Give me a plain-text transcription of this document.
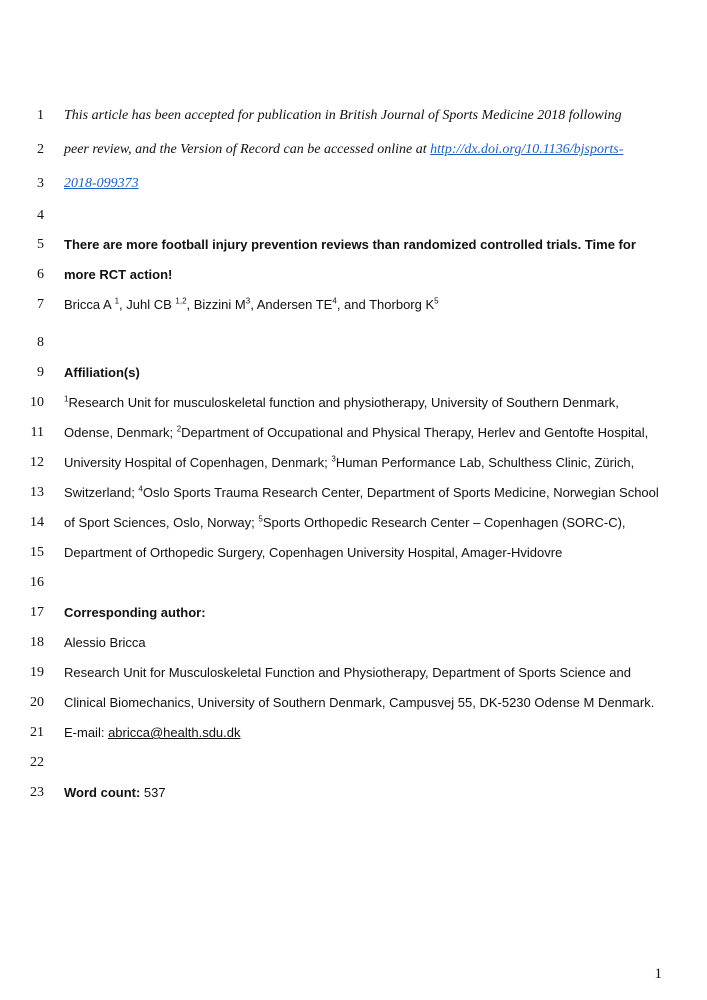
1
2
3
4
5
6
7
8
9
10
11
12
13
14
15
16
17
18
19
20
21
22
23
This article has been accepted for publication in British Journal of Sports Medicine 2018 following
peer review, and the Version of Record can be accessed online at http://dx.doi.org/10.1136/bjsports-
2018-099373
There are more football injury prevention reviews than randomized controlled trials. Time for
more RCT action!
Bricca A $^1$, Juhl CB $^{1,2}$, Bizzini $M^3$, Andersen $TE^4$, and Thorborg $K^5$
Affiliation(s)
$^1$Research Unit for musculoskeletal function and physiotherapy, University of Southern Denmark,
Odense, Denmark; $^2$Department of Occupational and Physical Therapy, Herlev and Gentofte Hospital,
University Hospital of Copenhagen, Denmark; $^3$Human Performance Lab, Schulthess Clinic, Zürich,
Switzerland; $^4$Oslo Sports Trauma Research Center, Department of Sports Medicine, Norwegian School
of Sport Sciences, Oslo, Norway; $^5$Sports Orthopedic Research Center – Copenhagen (SORC-C),
Department of Orthopedic Surgery, Copenhagen University Hospital, Amager-Hvidovre
Corresponding author:
Alessio Bricca
Research Unit for Musculoskeletal Function and Physiotherapy, Department of Sports Science and
Clinical Biomechanics, University of Southern Denmark, Campusvej 55, DK-5230 Odense M Denmark.
E-mail: abricca@health.sdu.dk
Word count: 537
1
